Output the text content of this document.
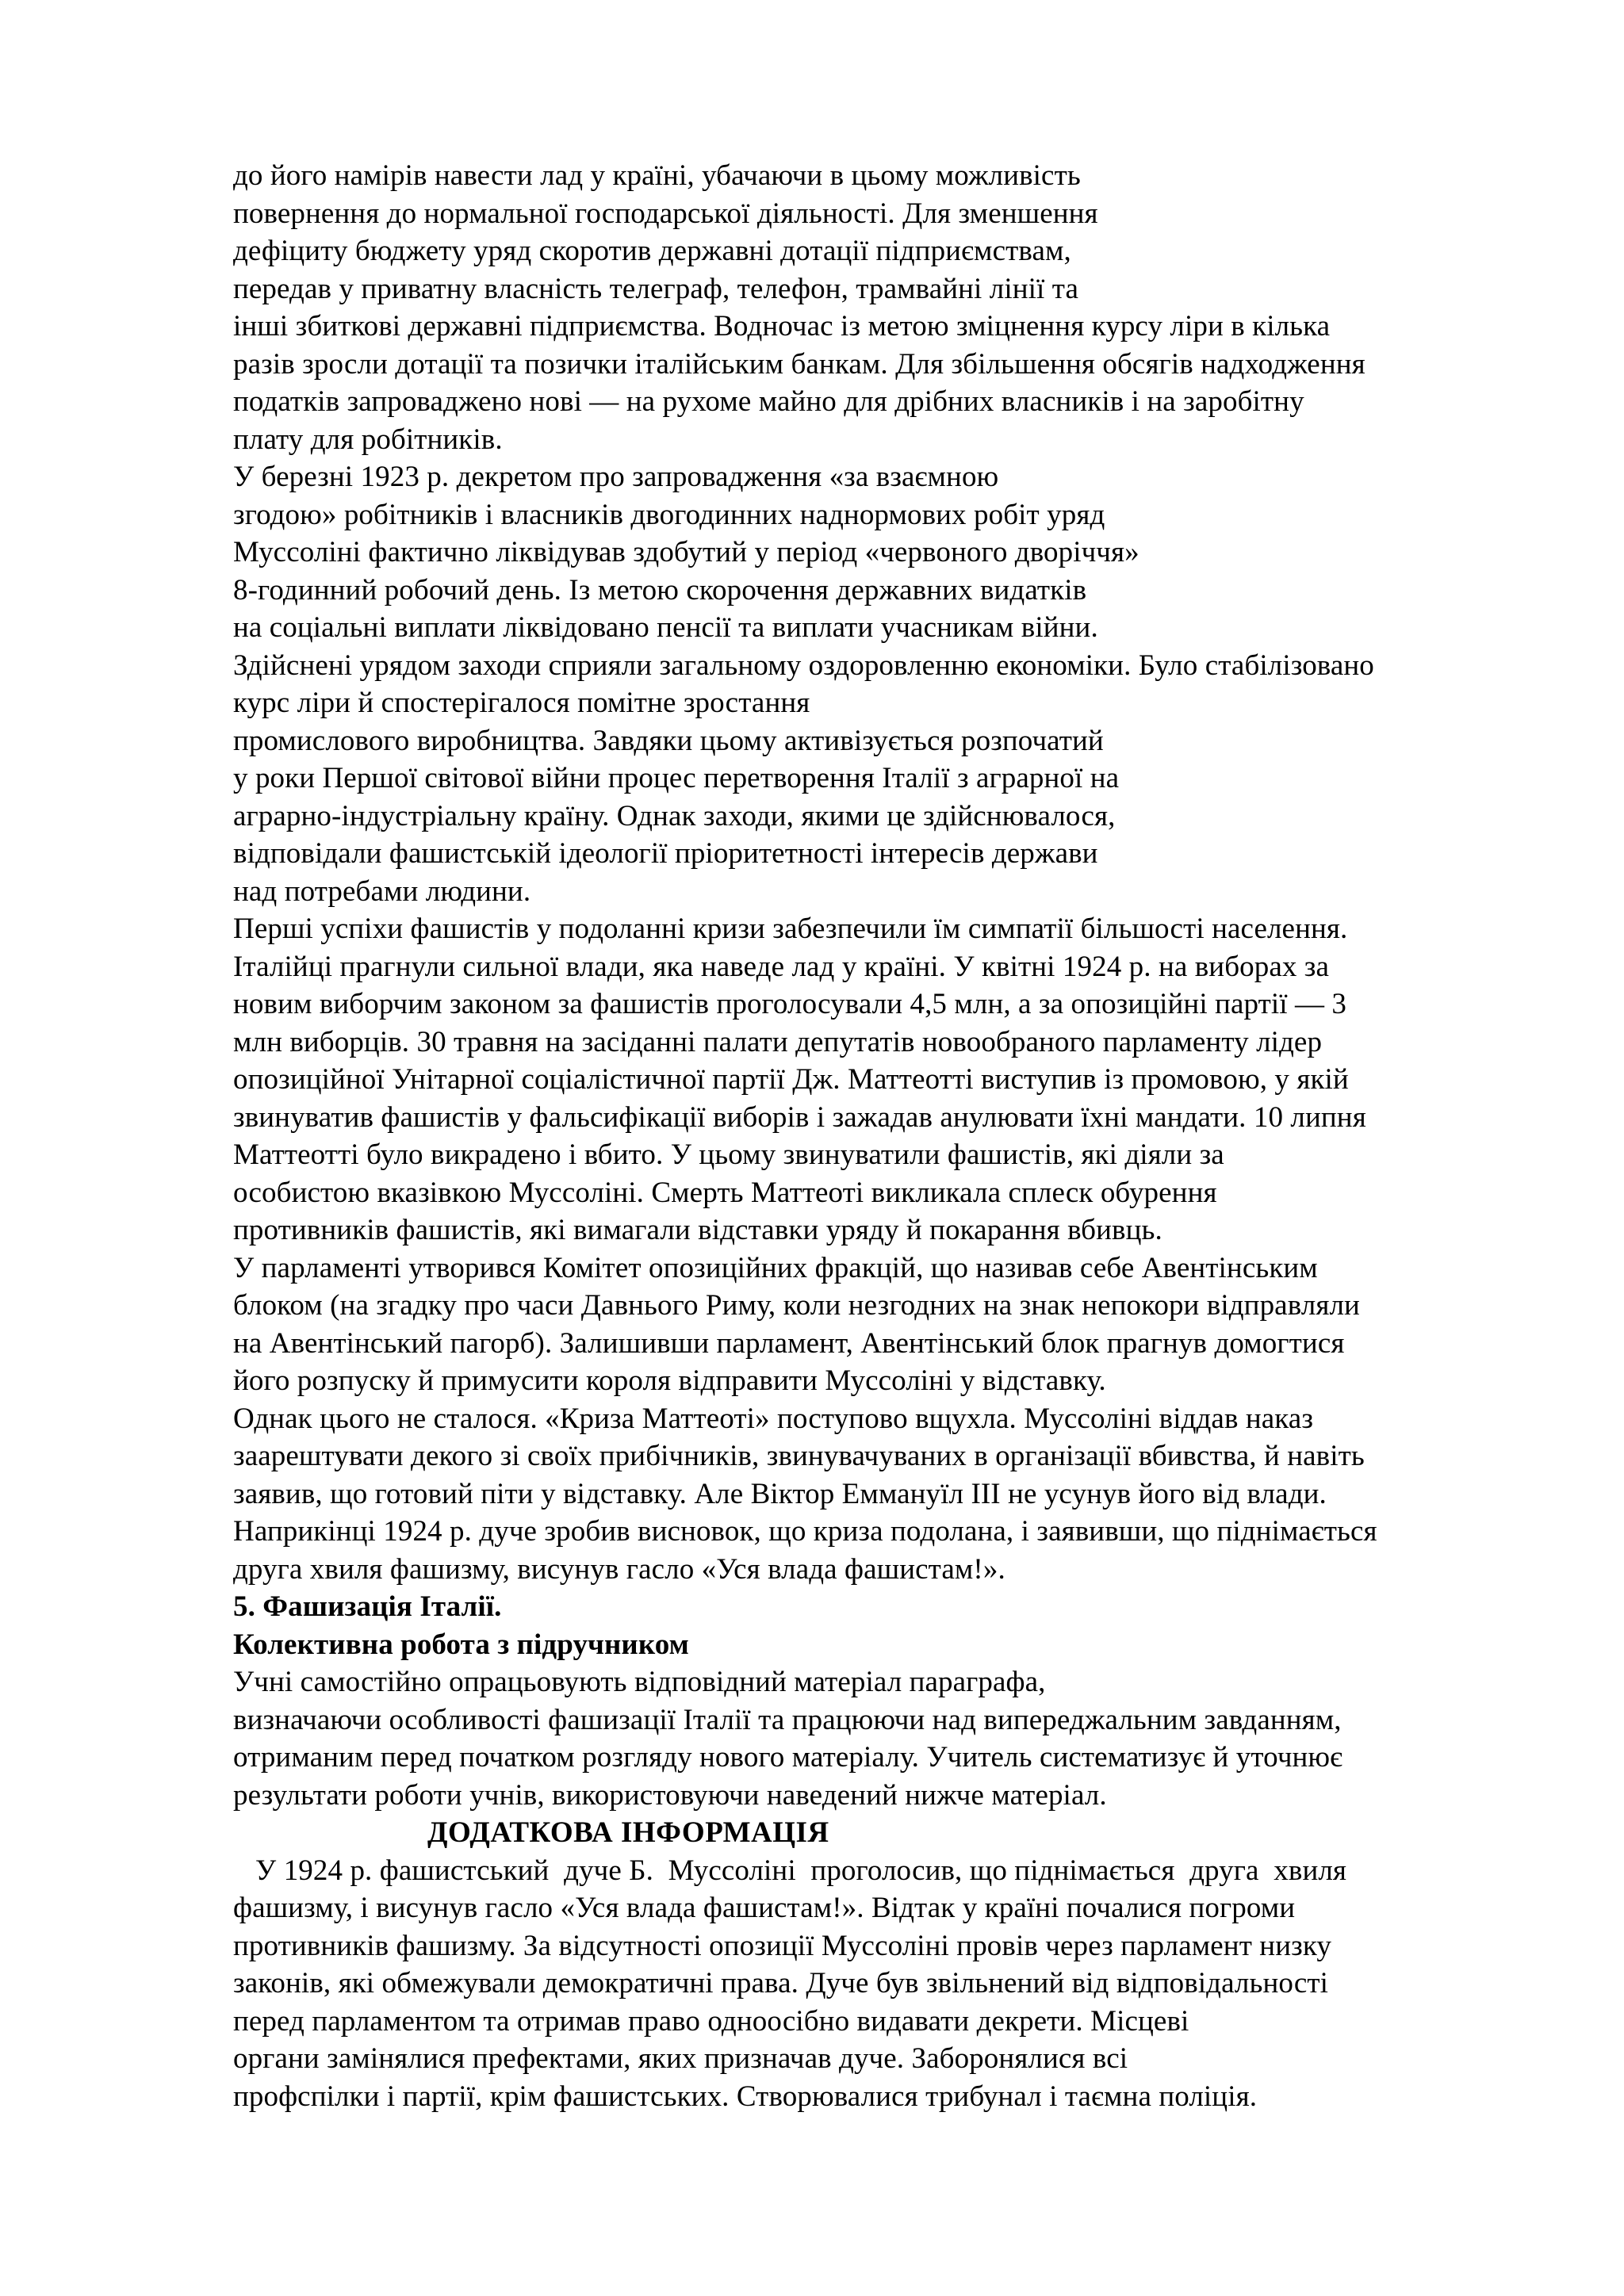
до його намірів навести лад у країні, убачаючи в цьому можливість
повернення до нормальної господарської діяльності. Для зменшення
дефіциту бюджету уряд скоротив державні дотації підприємствам,
передав у приватну власність телеграф, телефон, трамвайні лінії та
інші збиткові державні підприємства. Водночас із метою зміцнення курсу ліри в кілька
разів зросли дотації та позички італійським банкам. Для збільшення обсягів надходження
податків запроваджено нові — на рухоме майно для дрібних власників і на заробітну
плату для робітників.
У березні 1923 р. декретом про запровадження «за взаємною
згодою» робітників і власників двогодинних наднормових робіт уряд
Муссоліні фактично ліквідував здобутий у період «червоного дворіччя»
8-годинний робочий день. Із метою скорочення державних видатків
на соціальні виплати ліквідовано пенсії та виплати учасникам війни.
Здійснені урядом заходи сприяли загальному оздоровленню економіки. Було стабілізовано
курс ліри й спостерігалося помітне зростання
промислового виробництва. Завдяки цьому активізується розпочатий
у роки Першої світової війни процес перетворення Італії з аграрної на
аграрно-індустріальну країну. Однак заходи, якими це здійснювалося,
відповідали фашистській ідеології пріоритетності інтересів держави
над потребами людини.
Перші успіхи фашистів у подоланні кризи забезпечили їм симпатії більшості населення.
Італійці прагнули сильної влади, яка наведе лад у країні. У квітні 1924 р. на виборах за
новим виборчим законом за фашистів проголосували 4,5 млн, а за опозиційні партії — 3
млн виборців. 30 травня на засіданні палати депутатів новообраного парламенту лідер
опозиційної Унітарної соціалістичної партії Дж. Маттеотті виступив із промовою, у якій
звинуватив фашистів у фальсифікації виборів і зажадав анулювати їхні мандати. 10 липня
Маттеотті було викрадено і вбито. У цьому звинуватили фашистів, які діяли за
особистою вказівкою Муссоліні. Смерть Маттеоті викликала сплеск обурення
противників фашистів, які вимагали відставки уряду й покарання вбивць.
У парламенті утворився Комітет опозиційних фракцій, що називав себе Авентінським
блоком (на згадку про часи Давнього Риму, коли незгодних на знак непокори відправляли
на Авентінський пагорб). Залишивши парламент, Авентінський блок прагнув домогтися
його розпуску й примусити короля відправити Муссоліні у відставку.
Однак цього не сталося. «Криза Маттеоті» поступово вщухла. Муссоліні віддав наказ
заарештувати декого зі своїх прибічників, звинувачуваних в організації вбивства, й навіть
заявив, що готовий піти у відставку. Але Віктор Еммануїл ІІІ не усунув його від влади.
Наприкінці 1924 р. дуче зробив висновок, що криза подолана, і заявивши, що піднімається
друга хвиля фашизму, висунув гасло «Уся влада фашистам!».
5. Фашизація Італії.
Колективна робота з підручником
Учні самостійно опрацьовують відповідний матеріал параграфа,
визначаючи особливості фашизації Італії та працюючи над випереджальним завданням,
отриманим перед початком розгляду нового матеріалу. Учитель систематизує й уточнює
результати роботи учнів, використовуючи наведений нижче матеріал.
ДОДАТКОВА ІНФОРМАЦІЯ
У 1924 р. фашистський  дуче Б.  Муссоліні  проголосив, що піднімається  друга  хвиля
фашизму, і висунув гасло «Уся влада фашистам!». Відтак у країні почалися погроми
противників фашизму. За відсутності опозиції Муссоліні провів через парламент низку
законів, які обмежували демократичні права. Дуче був звільнений від відповідальності
перед парламентом та отримав право одноосібно видавати декрети. Місцеві
органи замінялися префектами, яких призначав дуче. Заборонялися всі
профспілки і партії, крім фашистських. Створювалися трибунал і таємна поліція.
